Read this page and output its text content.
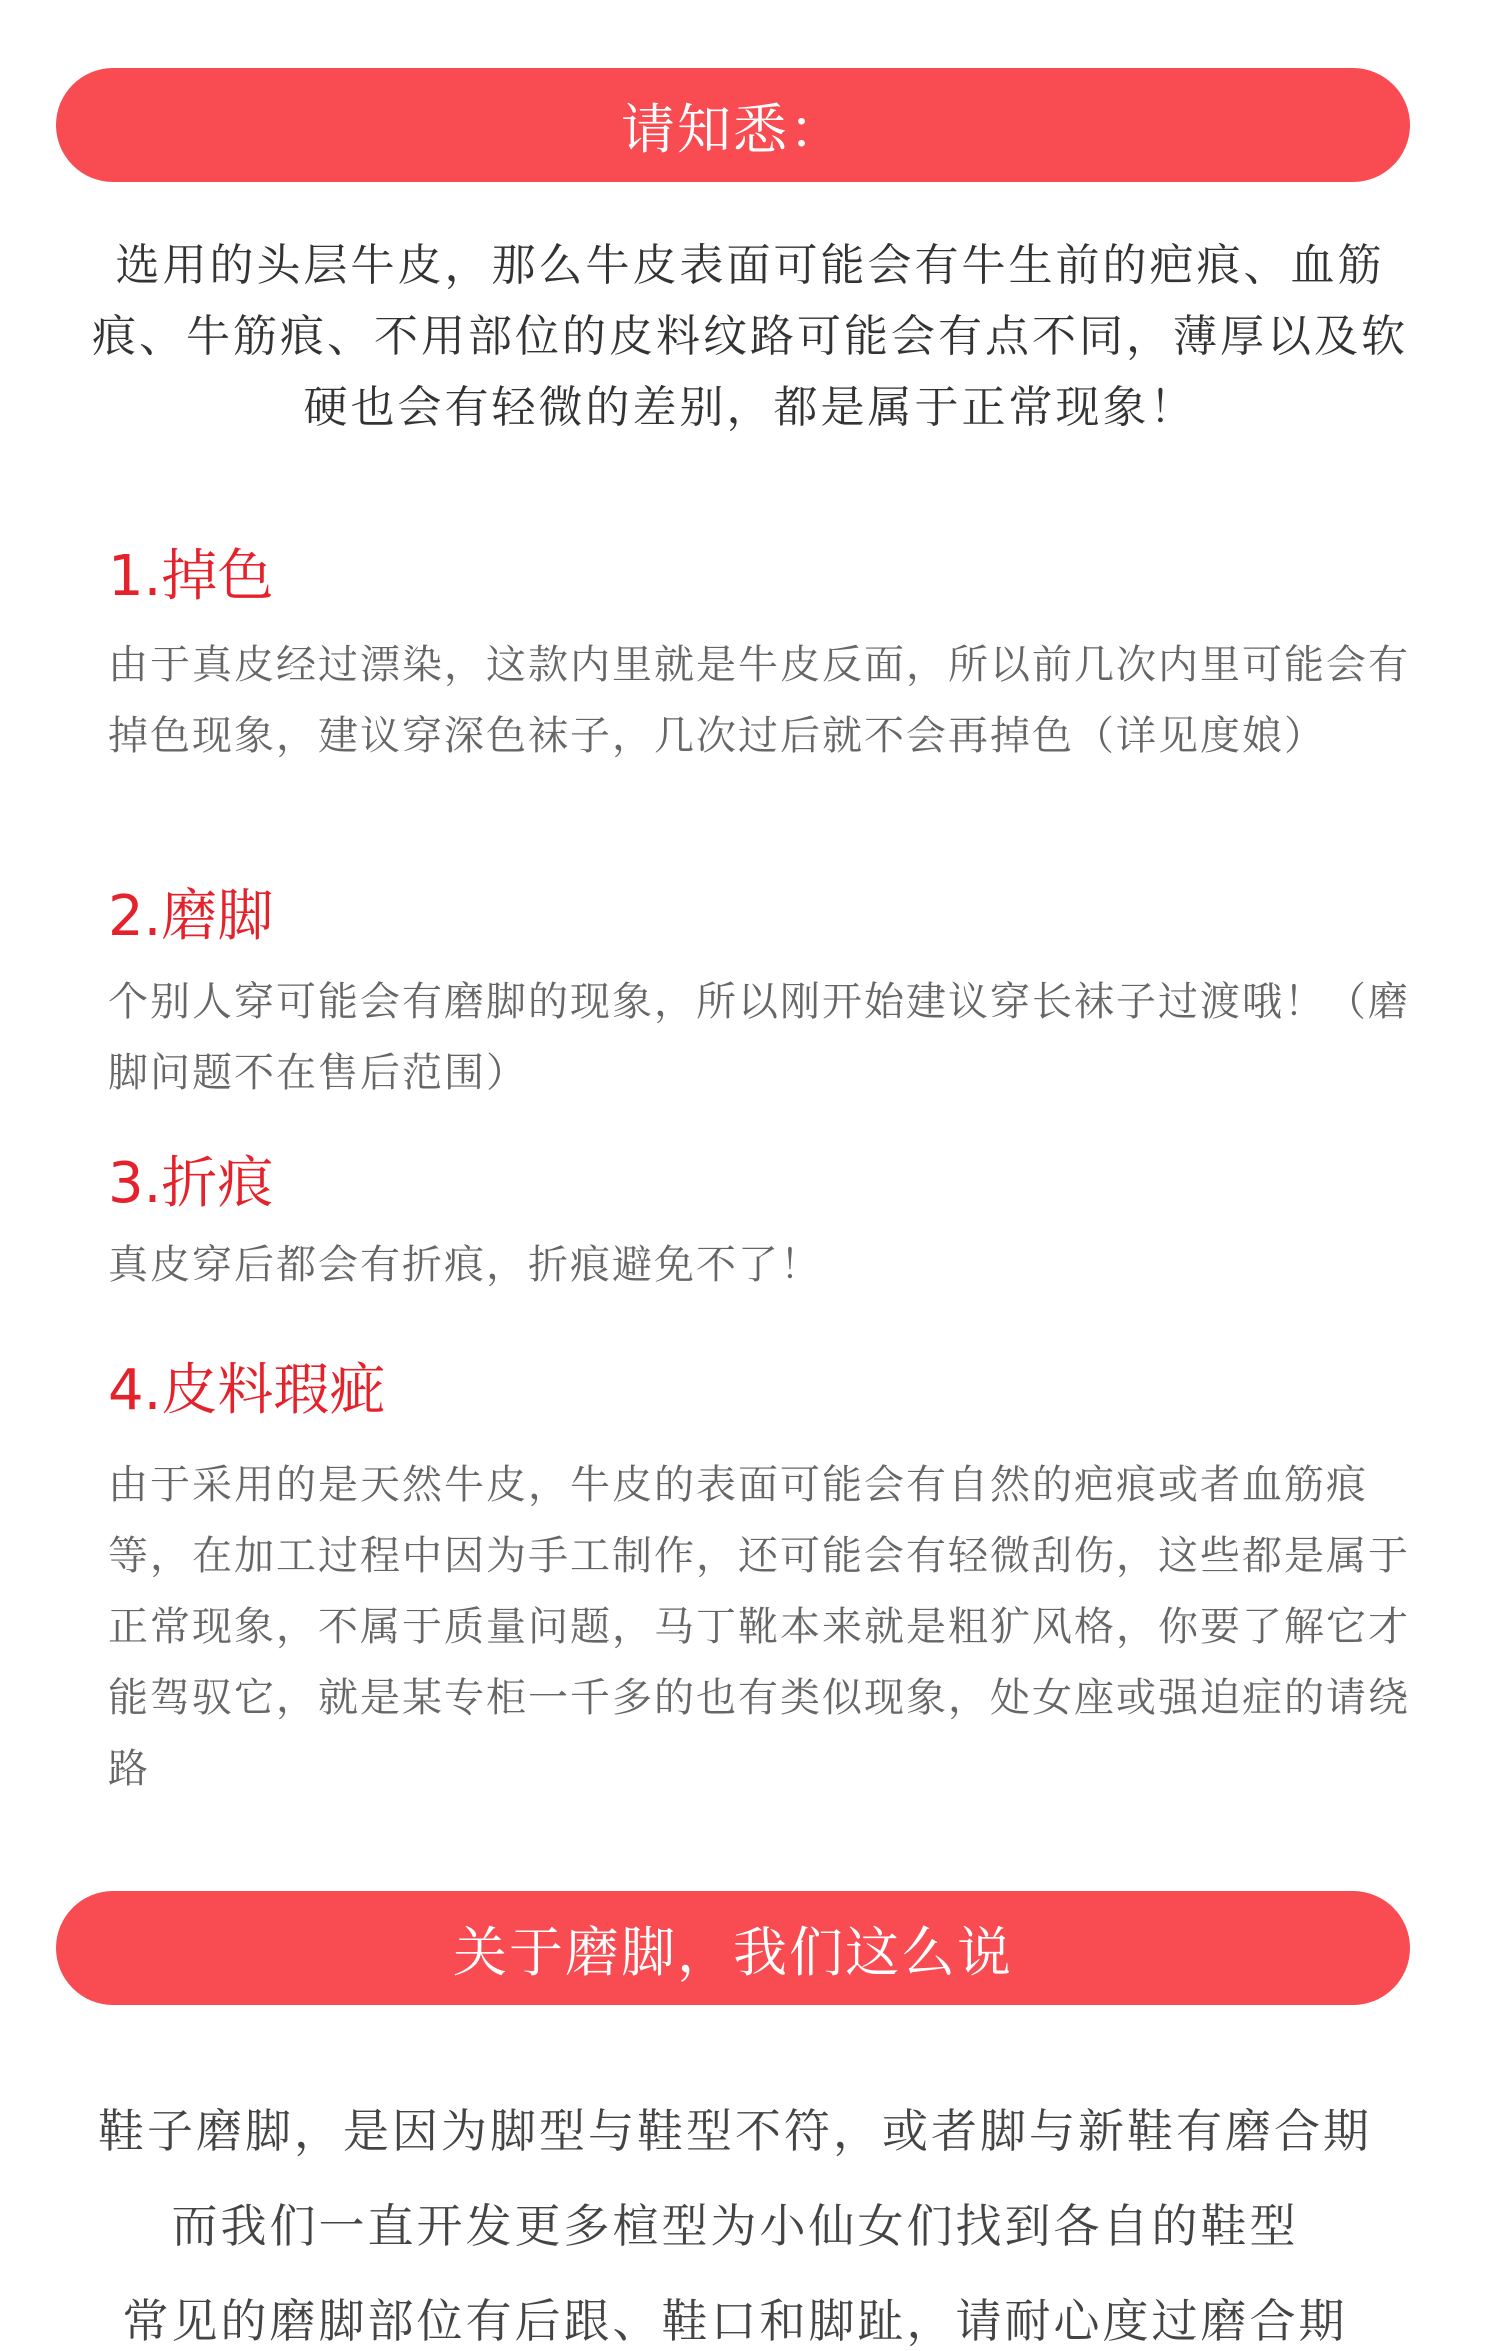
请知悉：
选用的头层牛皮，那么牛皮表面可能会有牛生前的疤痕、血筋痕、牛筋痕、不用部位的皮料纹路可能会有点不同，薄厚以及软硬也会有轻微的差别，都是属于正常现象！
1.掉色
由于真皮经过漂染，这款内里就是牛皮反面，所以前几次内里可能会有掉色现象，建议穿深色袜子，几次过后就不会再掉色（详见度娘）
2.磨脚
个别人穿可能会有磨脚的现象，所以刚开始建议穿长袜子过渡哦！（磨脚问题不在售后范围）
3.折痕
真皮穿后都会有折痕，折痕避免不了！
4.皮料瑕疵
由于采用的是天然牛皮，牛皮的表面可能会有自然的疤痕或者血筋痕等，在加工过程中因为手工制作，还可能会有轻微刮伤，这些都是属于正常现象，不属于质量问题，马丁靴本来就是粗犷风格，你要了解它才能驾驭它，就是某专柜一千多的也有类似现象，处女座或强迫症的请绕路
关于磨脚，我们这么说
鞋子磨脚，是因为脚型与鞋型不符，或者脚与新鞋有磨合期
而我们一直开发更多楦型为小仙女们找到各自的鞋型
常见的磨脚部位有后跟、鞋口和脚趾，请耐心度过磨合期
